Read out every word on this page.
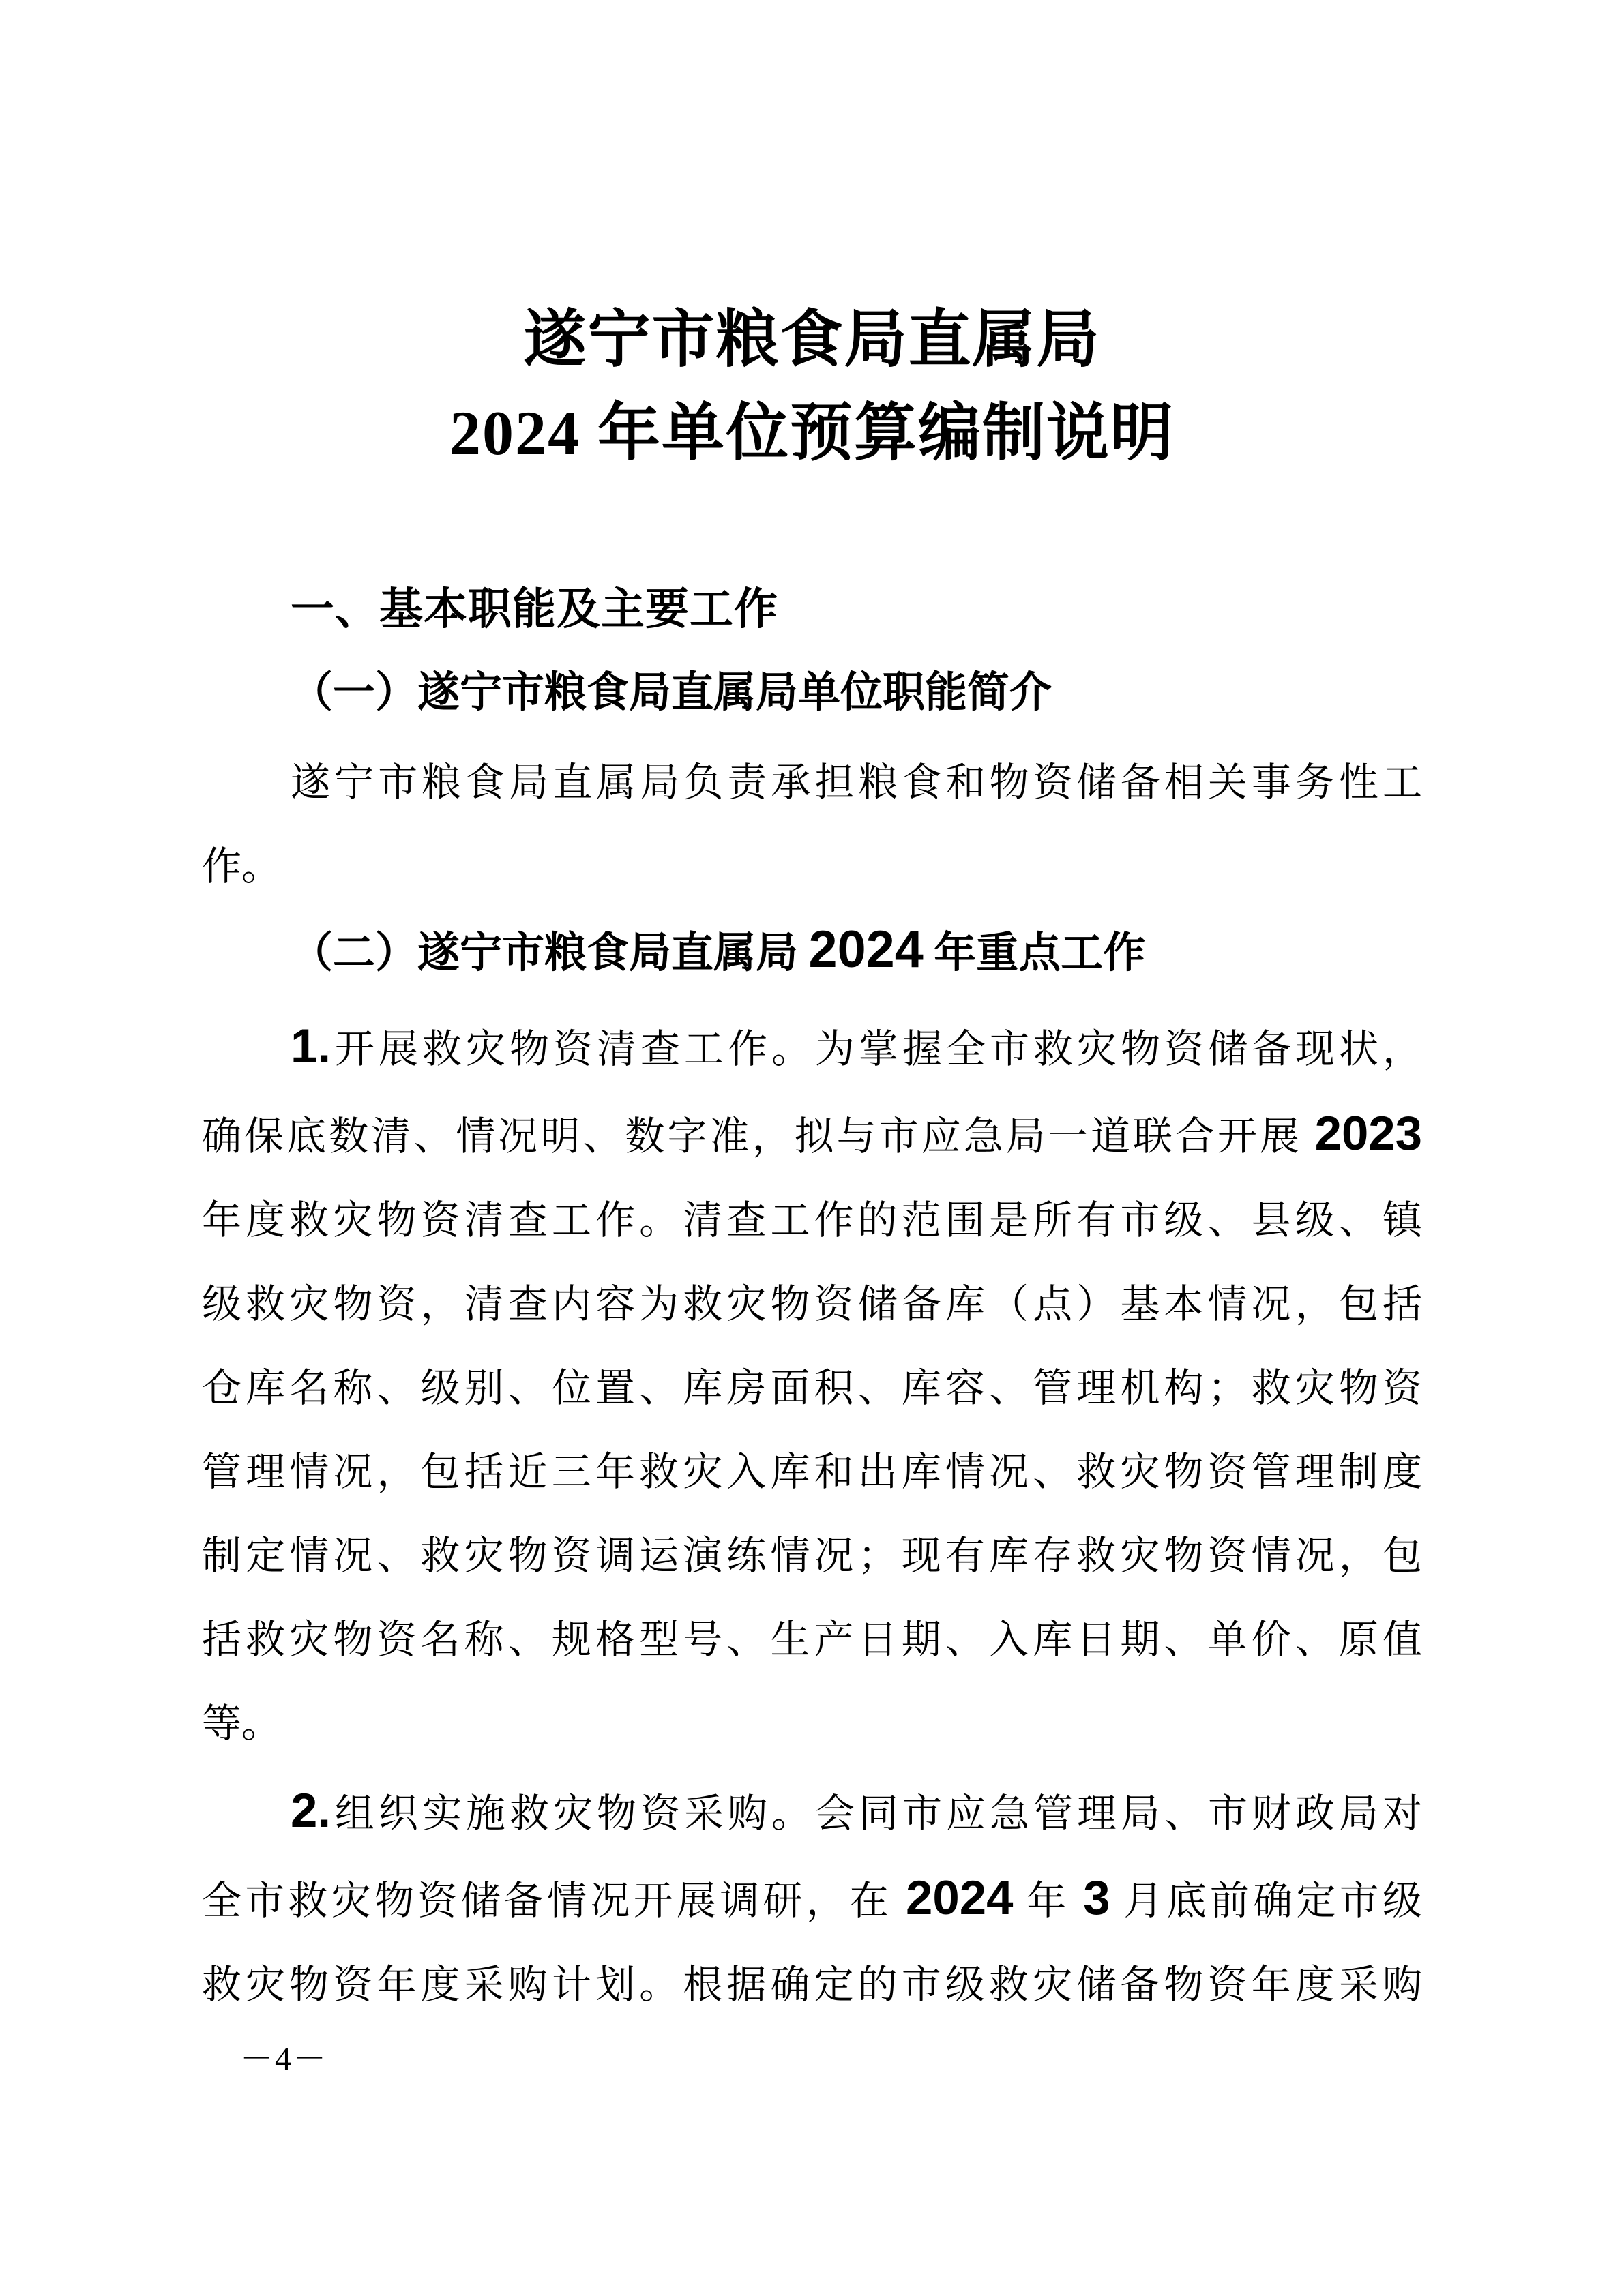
遂宁市粮食局直属局
2024 年单位预算编制说明
一、基本职能及主要工作
（一）遂宁市粮食局直属局单位职能简介
遂宁市粮食局直属局负责承担粮食和物资储备相关事务性工
作。
（二）遂宁市粮食局直属局 2024 年重点工作
1.开展救灾物资清查工作。为掌握全市救灾物资储备现状，
确保底数清、情况明、数字准，拟与市应急局一道联合开展 2023
年度救灾物资清查工作。清查工作的范围是所有市级、县级、镇
级救灾物资，清查内容为救灾物资储备库（点）基本情况，包括
仓库名称、级别、位置、库房面积、库容、管理机构；救灾物资
管理情况，包括近三年救灾入库和出库情况、救灾物资管理制度
制定情况、救灾物资调运演练情况；现有库存救灾物资情况，包
括救灾物资名称、规格型号、生产日期、入库日期、单价、原值
等。
2.组织实施救灾物资采购。会同市应急管理局、市财政局对
全市救灾物资储备情况开展调研，在 2024 年 3 月底前确定市级
救灾物资年度采购计划。根据确定的市级救灾储备物资年度采购
－4－
